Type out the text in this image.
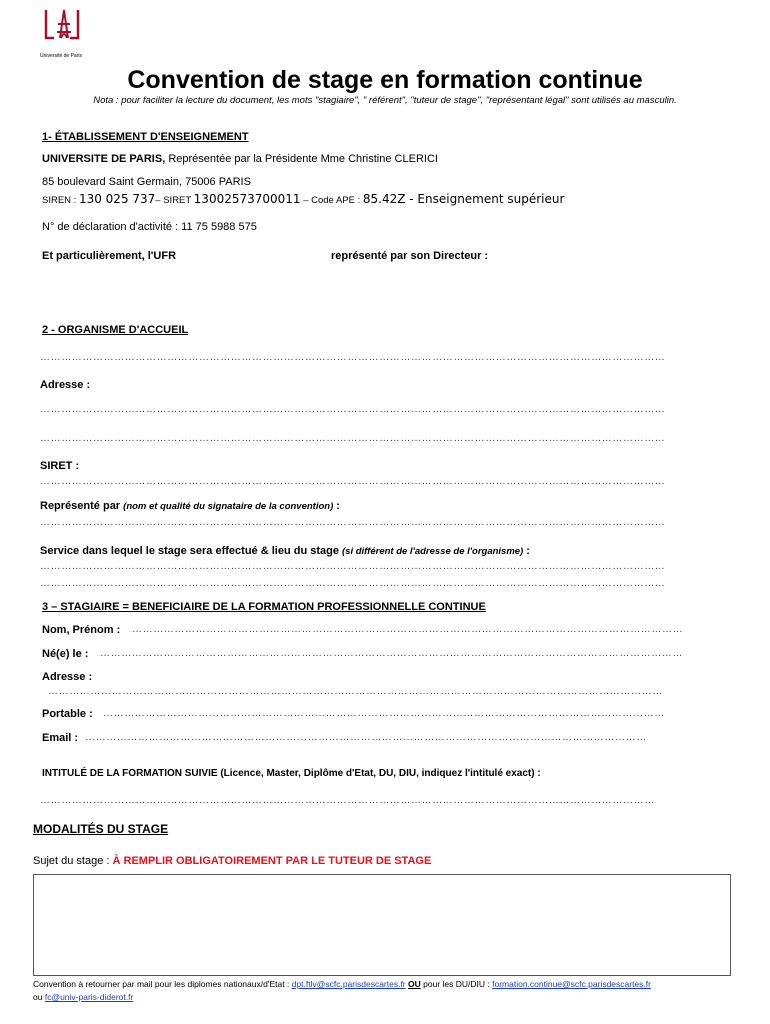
Université de Paris
Convention de stage en formation continue
Nota : pour faciliter la lecture du document, les mots "stagiaire", " référent", "tuteur de stage", "représentant légal" sont utilisés au masculin.
1- ÉTABLISSEMENT D'ENSEIGNEMENT
UNIVERSITE DE PARIS, Représentée par la Présidente Mme Christine CLERICI
85 boulevard Saint Germain, 75006 PARIS
SIREN : 130 025 737– SIRET 13002573700011 – Code APE : 85.42Z - Enseignement supérieur
N° de déclaration d'activité : 11 75 5988 575
Et particulièrement, l'UFR	représenté par son Directeur :
2 - ORGANISME D'ACCUEIL
……………………………………………………………………………………………………………………………………………………………
Adresse :
……………………………………………………………………………………………………………………………………………………………
……………………………………………………………………………………………………………………………………………………………
SIRET :
……………………………………………………………………………………………………………………………………………………………
Représenté par (nom et qualité du signataire de la convention) :
……………………………………………………………………………………………………………………………………………………………
Service dans lequel le stage sera effectué & lieu du stage (si différent de l'adresse de l'organisme) :
……………………………………………………………………………………………………………………………………………………………
……………………………………………………………………………………………………………………………………………………………
3 – STAGIAIRE = BENEFICIAIRE DE LA FORMATION PROFESSIONNELLE CONTINUE
Nom, Prénom : …………………………………………………………………………………………………………………………………………
Né(e) le : …………………………………………………………………………………………………………………………………………………
Adresse :
…………………………………………………………………………………………………………………………………………………………
Portable : ……………………………………………………………………………………………………………………………………………
Email : ……………………………………………………………………………………………………………………………………………
INTITULÉ DE LA FORMATION SUIVIE (Licence, Master, Diplôme d'Etat, DU, DIU, indiquez l'intitulé exact) :
…………………………………………………………………………………………………………………………………………………………
MODALITÉS DU STAGE
Sujet du stage : À REMPLIR OBLIGATOIREMENT PAR LE TUTEUR DE STAGE
Convention à retourner par mail pour les diplomes nationaux/d'Etat : dpt.ftlv@scfc.parisdescartes.fr OU pour les DU/DIU : formation.continue@scfc.parisdescartes.fr
ou fc@univ-paris-diderot.fr
